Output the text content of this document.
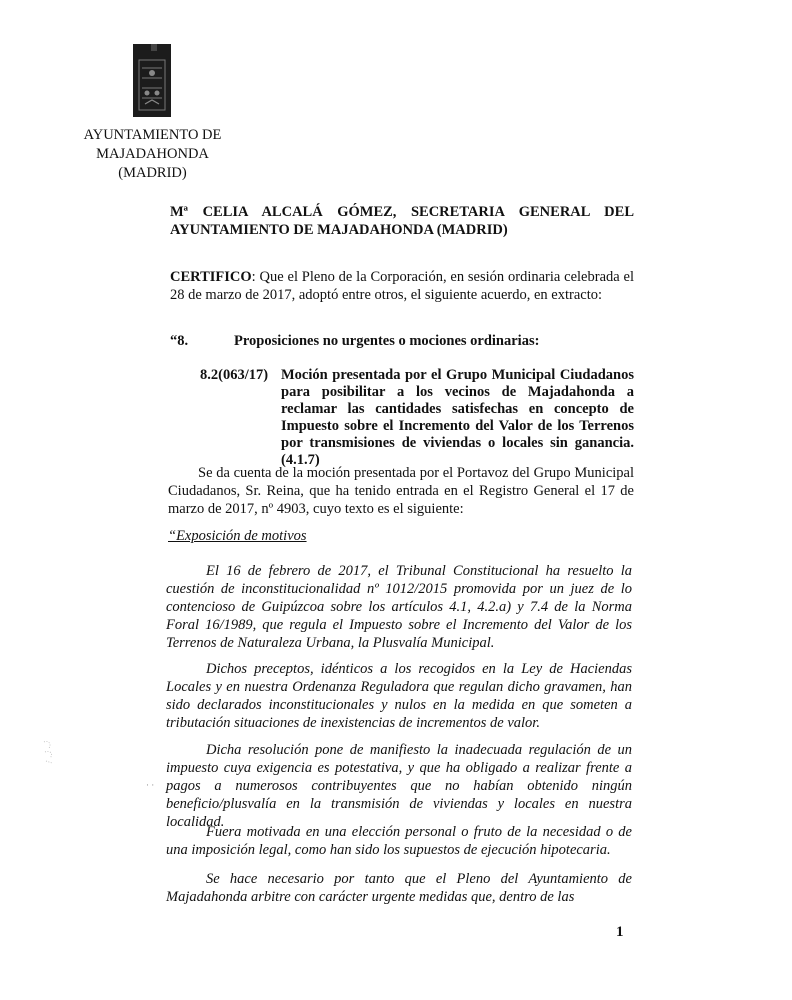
AYUNTAMIENTO DE
MAJADAHONDA
(MADRID)
Mª CELIA ALCALÁ GÓMEZ, SECRETARIA GENERAL DEL
AYUNTAMIENTO DE MAJADAHONDA (MADRID)
CERTIFICO: Que el Pleno de la Corporación, en sesión ordinaria celebrada el 28 de marzo de 2017, adoptó entre otros, el siguiente acuerdo, en extracto:
“8.	Proposiciones no urgentes o mociones ordinarias:
8.2(063/17) Moción presentada por el Grupo Municipal Ciudadanos para posibilitar a los vecinos de Majadahonda a reclamar las cantidades satisfechas en concepto de Impuesto sobre el Incremento del Valor de los Terrenos por transmisiones de viviendas o locales sin ganancia. (4.1.7)
Se da cuenta de la moción presentada por el Portavoz del Grupo Municipal Ciudadanos, Sr. Reina, que ha tenido entrada en el Registro General el 17 de marzo de 2017, nº 4903, cuyo texto es el siguiente:
“Exposición de motivos
El 16 de febrero de 2017, el Tribunal Constitucional ha resuelto la cuestión de inconstitucionalidad nº 1012/2015 promovida por un juez de lo contencioso de Guipúzcoa sobre los artículos 4.1, 4.2.a) y 7.4 de la Norma Foral 16/1989, que regula el Impuesto sobre el Incremento del Valor de los Terrenos de Naturaleza Urbana, la Plusvalía Municipal.
Dichos preceptos, idénticos a los recogidos en la Ley de Haciendas Locales y en nuestra Ordenanza Reguladora que regulan dicho gravamen, han sido declarados inconstitucionales y nulos en la medida en que someten a tributación situaciones de inexistencias de incrementos de valor.
Dicha resolución pone de manifiesto la inadecuada regulación de un impuesto cuya exigencia es potestativa, y que ha obligado a realizar frente a pagos a numerosos contribuyentes que no habían obtenido ningún beneficio/plusvalía en la transmisión de viviendas y locales en nuestra localidad.
Fuera motivada en una elección personal o fruto de la necesidad o de una imposición legal, como han sido los supuestos de ejecución hipotecaria.
Se hace necesario por tanto que el Pleno del Ayuntamiento de Majadahonda arbitre con carácter urgente medidas que, dentro de las
1
· ·
